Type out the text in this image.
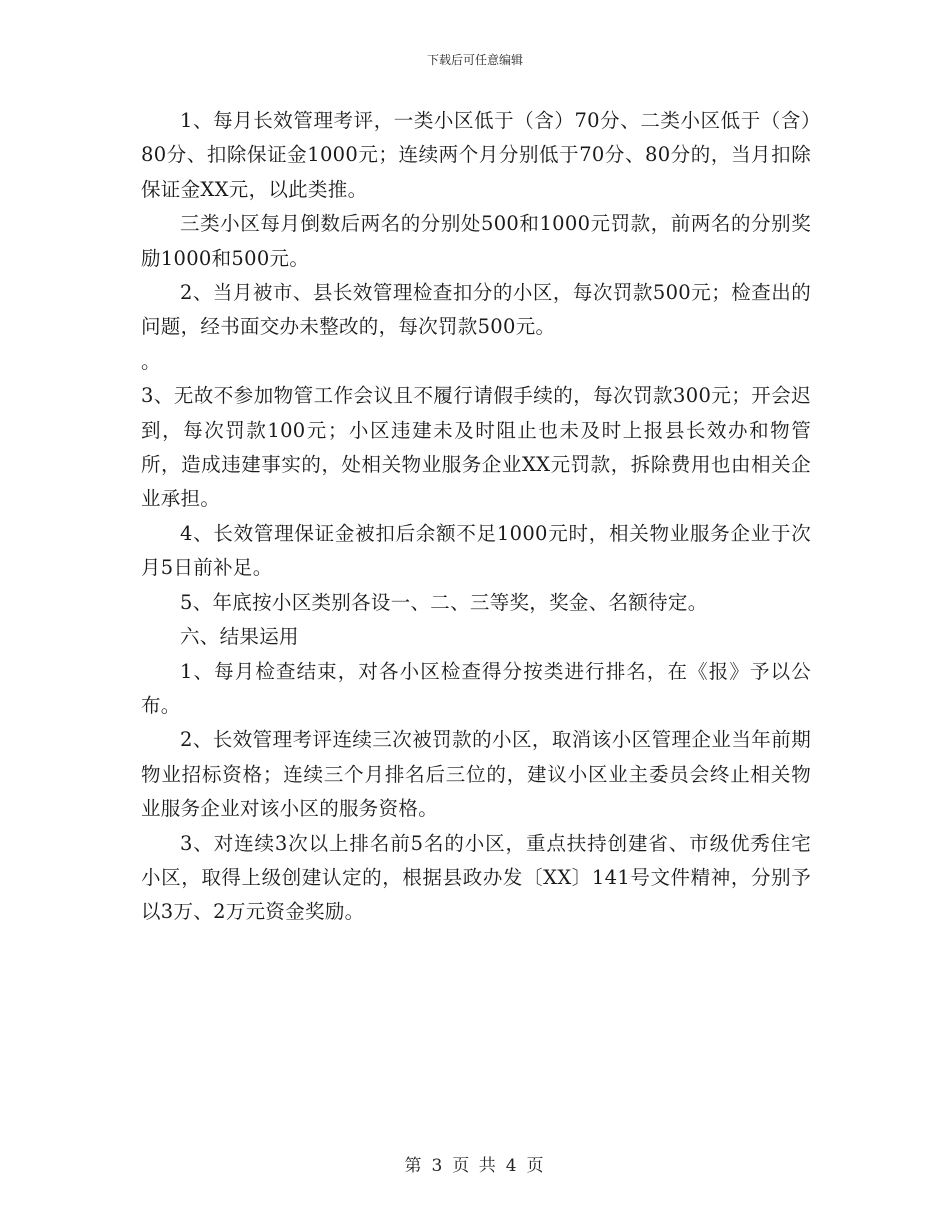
下载后可任意编辑

1、每月长效管理考评，一类小区低于（含）70分、二类小区低于（含）80分、扣除保证金1000元；连续两个月分别低于70分、80分的，当月扣除保证金XX元，以此类推。

三类小区每月倒数后两名的分别处500和1000元罚款，前两名的分别奖励1000和500元。

2、当月被市、县长效管理检查扣分的小区，每次罚款500元；检查出的问题，经书面交办未整改的，每次罚款500元。

。

3、无故不参加物管工作会议且不履行请假手续的，每次罚款300元；开会迟到，每次罚款100元；小区违建未及时阻止也未及时上报县长效办和物管所，造成违建事实的，处相关物业服务企业XX元罚款，拆除费用也由相关企业承担。

4、长效管理保证金被扣后余额不足1000元时，相关物业服务企业于次月5日前补足。

5、年底按小区类别各设一、二、三等奖，奖金、名额待定。

六、结果运用

1、每月检查结束，对各小区检查得分按类进行排名，在《报》予以公布。

2、长效管理考评连续三次被罚款的小区，取消该小区管理企业当年前期物业招标资格；连续三个月排名后三位的，建议小区业主委员会终止相关物业服务企业对该小区的服务资格。

3、对连续3次以上排名前5名的小区，重点扶持创建省、市级优秀住宅小区，取得上级创建认定的，根据县政办发〔XX〕141号文件精神，分别予以3万、2万元资金奖励。

第 3 页 共 4 页
